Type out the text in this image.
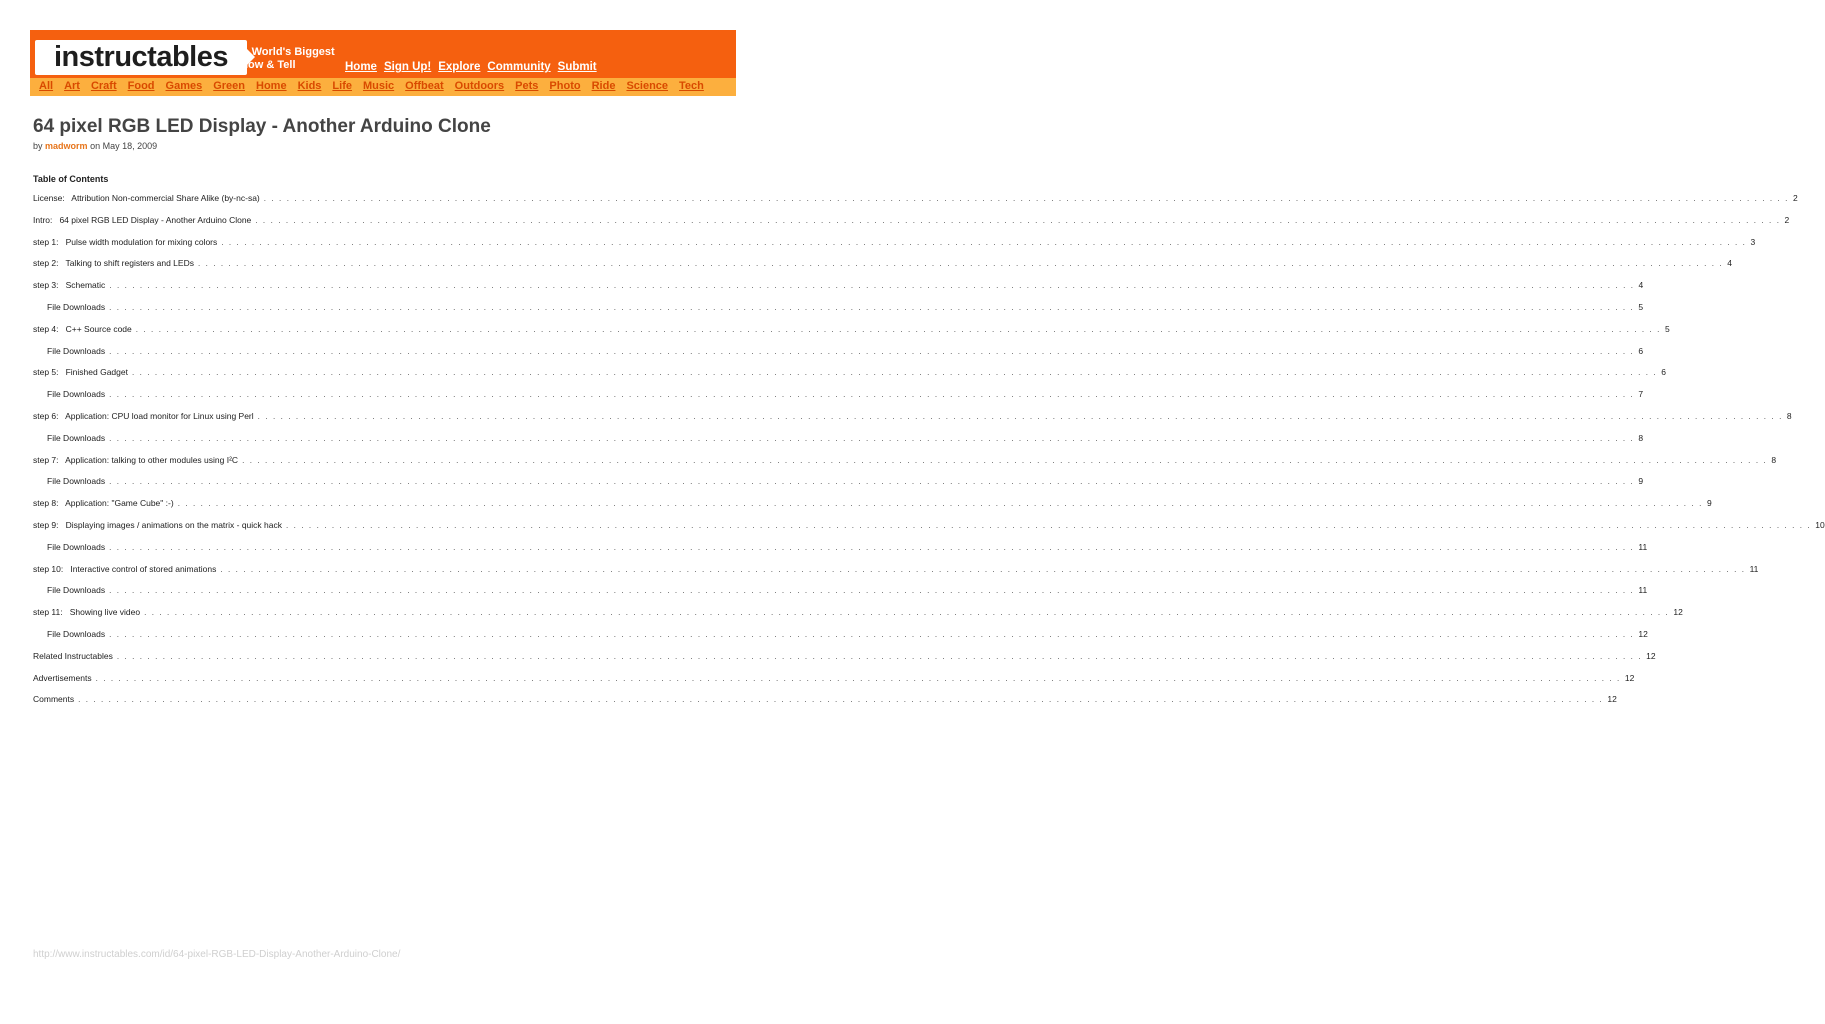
instructables The World's Biggest
Show & Tell	Home Sign Up! Explore Community Submit
All Art Craft Food Games Green Home Kids Life Music Offbeat Outdoors Pets Photo Ride Science Tech
64 pixel RGB LED Display - Another Arduino Clone
by madworm on May 18, 2009
Table of Contents
License:   Attribution Non-commercial Share Alike (by-nc-sa) . . . . . . . . . . . . . . . . . . . . . . . . . . . . . . . . . . . . . . . . . . . . . . . . . . . . . . . . . . . . . . . . . . . . . . . . . . . . . . . . . . . . . . . . . . . . . . . . . . . . . . . . . . . . . . . . . . . . . . . . . . . . . . . . . . . . . . . . . . . . . . . . . . . . . . . . . . . . . . . . . . . . . . . . . . . . . . . . . . . . . . . . . . . . . . . . . . . . . . . . 2
Intro:   64 pixel RGB LED Display - Another Arduino Clone . . . . . . . . . . . . . . . . . . . . . . . . . . . . . . . . . . . . . . . . . . . . . . . . . . . . . . . . . . . . . . . . . . . . . . . . . . . . . . . . . . . . . . . . . . . . . . . . . . . . . . . . . . . . . . . . . . . . . . . . . . . . . . . . . . . . . . . . . . . . . . . . . . . . . . . . . . . . . . . . . . . . . . . . . . . . . . . . . . . . . . . . . . . . . . . . . . . . . . . . 2
step 1:   Pulse width modulation for mixing colors . . . . . . . . . . . . . . . . . . . . . . . . . . . . . . . . . . . . . . . . . . . . . . . . . . . . . . . . . . . . . . . . . . . . . . . . . . . . . . . . . . . . . . . . . . . . . . . . . . . . . . . . . . . . . . . . . . . . . . . . . . . . . . . . . . . . . . . . . . . . . . . . . . . . . . . . . . . . . . . . . . . . . . . . . . . . . . . . . . . . . . . . . . . . . . . . . . . . . . . . 3
step 2:   Talking to shift registers and LEDs . . . . . . . . . . . . . . . . . . . . . . . . . . . . . . . . . . . . . . . . . . . . . . . . . . . . . . . . . . . . . . . . . . . . . . . . . . . . . . . . . . . . . . . . . . . . . . . . . . . . . . . . . . . . . . . . . . . . . . . . . . . . . . . . . . . . . . . . . . . . . . . . . . . . . . . . . . . . . . . . . . . . . . . . . . . . . . . . . . . . . . . . . . . . . . . . . . . . . . . . 4
step 3:   Schematic . . . . . . . . . . . . . . . . . . . . . . . . . . . . . . . . . . . . . . . . . . . . . . . . . . . . . . . . . . . . . . . . . . . . . . . . . . . . . . . . . . . . . . . . . . . . . . . . . . . . . . . . . . . . . . . . . . . . . . . . . . . . . . . . . . . . . . . . . . . . . . . . . . . . . . . . . . . . . . . . . . . . . . . . . . . . . . . . . . . . . . . . . . . . . . . . . . . . . . . . 4
File Downloads . . . . . . . . . . . . . . . . . . . . . . . . . . . . . . . . . . . . . . . . . . . . . . . . . . . . . . . . . . . . . . . . . . . . . . . . . . . . . . . . . . . . . . . . . . . . . . . . . . . . . . . . . . . . . . . . . . . . . . . . . . . . . . . . . . . . . . . . . . . . . . . . . . . . . . . . . . . . . . . . . . . . . . . . . . . . . . . . . . . . . . . . . . . . . . . . . . . . . . . . 5
step 4:   C++ Source code . . . . . . . . . . . . . . . . . . . . . . . . . . . . . . . . . . . . . . . . . . . . . . . . . . . . . . . . . . . . . . . . . . . . . . . . . . . . . . . . . . . . . . . . . . . . . . . . . . . . . . . . . . . . . . . . . . . . . . . . . . . . . . . . . . . . . . . . . . . . . . . . . . . . . . . . . . . . . . . . . . . . . . . . . . . . . . . . . . . . . . . . . . . . . . . . . . . . . . . . 5
File Downloads . . . . . . . . . . . . . . . . . . . . . . . . . . . . . . . . . . . . . . . . . . . . . . . . . . . . . . . . . . . . . . . . . . . . . . . . . . . . . . . . . . . . . . . . . . . . . . . . . . . . . . . . . . . . . . . . . . . . . . . . . . . . . . . . . . . . . . . . . . . . . . . . . . . . . . . . . . . . . . . . . . . . . . . . . . . . . . . . . . . . . . . . . . . . . . . . . . . . . . . . 6
step 5:   Finished Gadget . . . . . . . . . . . . . . . . . . . . . . . . . . . . . . . . . . . . . . . . . . . . . . . . . . . . . . . . . . . . . . . . . . . . . . . . . . . . . . . . . . . . . . . . . . . . . . . . . . . . . . . . . . . . . . . . . . . . . . . . . . . . . . . . . . . . . . . . . . . . . . . . . . . . . . . . . . . . . . . . . . . . . . . . . . . . . . . . . . . . . . . . . . . . . . . . . . . . . . . . 6
File Downloads . . . . . . . . . . . . . . . . . . . . . . . . . . . . . . . . . . . . . . . . . . . . . . . . . . . . . . . . . . . . . . . . . . . . . . . . . . . . . . . . . . . . . . . . . . . . . . . . . . . . . . . . . . . . . . . . . . . . . . . . . . . . . . . . . . . . . . . . . . . . . . . . . . . . . . . . . . . . . . . . . . . . . . . . . . . . . . . . . . . . . . . . . . . . . . . . . . . . . . . . 7
step 6:   Application: CPU load monitor for Linux using Perl . . . . . . . . . . . . . . . . . . . . . . . . . . . . . . . . . . . . . . . . . . . . . . . . . . . . . . . . . . . . . . . . . . . . . . . . . . . . . . . . . . . . . . . . . . . . . . . . . . . . . . . . . . . . . . . . . . . . . . . . . . . . . . . . . . . . . . . . . . . . . . . . . . . . . . . . . . . . . . . . . . . . . . . . . . . . . . . . . . . . . . . . . . . . . . . . . . . . . . . . 8
File Downloads . . . . . . . . . . . . . . . . . . . . . . . . . . . . . . . . . . . . . . . . . . . . . . . . . . . . . . . . . . . . . . . . . . . . . . . . . . . . . . . . . . . . . . . . . . . . . . . . . . . . . . . . . . . . . . . . . . . . . . . . . . . . . . . . . . . . . . . . . . . . . . . . . . . . . . . . . . . . . . . . . . . . . . . . . . . . . . . . . . . . . . . . . . . . . . . . . . . . . . . . 8
step 7:   Application: talking to other modules using I²C . . . . . . . . . . . . . . . . . . . . . . . . . . . . . . . . . . . . . . . . . . . . . . . . . . . . . . . . . . . . . . . . . . . . . . . . . . . . . . . . . . . . . . . . . . . . . . . . . . . . . . . . . . . . . . . . . . . . . . . . . . . . . . . . . . . . . . . . . . . . . . . . . . . . . . . . . . . . . . . . . . . . . . . . . . . . . . . . . . . . . . . . . . . . . . . . . . . . . . . . 8
File Downloads . . . . . . . . . . . . . . . . . . . . . . . . . . . . . . . . . . . . . . . . . . . . . . . . . . . . . . . . . . . . . . . . . . . . . . . . . . . . . . . . . . . . . . . . . . . . . . . . . . . . . . . . . . . . . . . . . . . . . . . . . . . . . . . . . . . . . . . . . . . . . . . . . . . . . . . . . . . . . . . . . . . . . . . . . . . . . . . . . . . . . . . . . . . . . . . . . . . . . . . . 9
step 8:   Application: "Game Cube" :-) . . . . . . . . . . . . . . . . . . . . . . . . . . . . . . . . . . . . . . . . . . . . . . . . . . . . . . . . . . . . . . . . . . . . . . . . . . . . . . . . . . . . . . . . . . . . . . . . . . . . . . . . . . . . . . . . . . . . . . . . . . . . . . . . . . . . . . . . . . . . . . . . . . . . . . . . . . . . . . . . . . . . . . . . . . . . . . . . . . . . . . . . . . . . . . . . . . . . . . . . 9
step 9:   Displaying images / animations on the matrix - quick hack . . . . . . . . . . . . . . . . . . . . . . . . . . . . . . . . . . . . . . . . . . . . . . . . . . . . . . . . . . . . . . . . . . . . . . . . . . . . . . . . . . . . . . . . . . . . . . . . . . . . . . . . . . . . . . . . . . . . . . . . . . . . . . . . . . . . . . . . . . . . . . . . . . . . . . . . . . . . . . . . . . . . . . . . . . . . . . . . . . . . . . . . . . . . . . . . . . . . . . . . 10
File Downloads . . . . . . . . . . . . . . . . . . . . . . . . . . . . . . . . . . . . . . . . . . . . . . . . . . . . . . . . . . . . . . . . . . . . . . . . . . . . . . . . . . . . . . . . . . . . . . . . . . . . . . . . . . . . . . . . . . . . . . . . . . . . . . . . . . . . . . . . . . . . . . . . . . . . . . . . . . . . . . . . . . . . . . . . . . . . . . . . . . . . . . . . . . . . . . . . . . . . . . . . 11
step 10:   Interactive control of stored animations . . . . . . . . . . . . . . . . . . . . . . . . . . . . . . . . . . . . . . . . . . . . . . . . . . . . . . . . . . . . . . . . . . . . . . . . . . . . . . . . . . . . . . . . . . . . . . . . . . . . . . . . . . . . . . . . . . . . . . . . . . . . . . . . . . . . . . . . . . . . . . . . . . . . . . . . . . . . . . . . . . . . . . . . . . . . . . . . . . . . . . . . . . . . . . . . . . . . . . . . 11
File Downloads . . . . . . . . . . . . . . . . . . . . . . . . . . . . . . . . . . . . . . . . . . . . . . . . . . . . . . . . . . . . . . . . . . . . . . . . . . . . . . . . . . . . . . . . . . . . . . . . . . . . . . . . . . . . . . . . . . . . . . . . . . . . . . . . . . . . . . . . . . . . . . . . . . . . . . . . . . . . . . . . . . . . . . . . . . . . . . . . . . . . . . . . . . . . . . . . . . . . . . . . 11
step 11:   Showing live video . . . . . . . . . . . . . . . . . . . . . . . . . . . . . . . . . . . . . . . . . . . . . . . . . . . . . . . . . . . . . . . . . . . . . . . . . . . . . . . . . . . . . . . . . . . . . . . . . . . . . . . . . . . . . . . . . . . . . . . . . . . . . . . . . . . . . . . . . . . . . . . . . . . . . . . . . . . . . . . . . . . . . . . . . . . . . . . . . . . . . . . . . . . . . . . . . . . . . . . . 12
File Downloads . . . . . . . . . . . . . . . . . . . . . . . . . . . . . . . . . . . . . . . . . . . . . . . . . . . . . . . . . . . . . . . . . . . . . . . . . . . . . . . . . . . . . . . . . . . . . . . . . . . . . . . . . . . . . . . . . . . . . . . . . . . . . . . . . . . . . . . . . . . . . . . . . . . . . . . . . . . . . . . . . . . . . . . . . . . . . . . . . . . . . . . . . . . . . . . . . . . . . . . . 12
Related Instructables . . . . . . . . . . . . . . . . . . . . . . . . . . . . . . . . . . . . . . . . . . . . . . . . . . . . . . . . . . . . . . . . . . . . . . . . . . . . . . . . . . . . . . . . . . . . . . . . . . . . . . . . . . . . . . . . . . . . . . . . . . . . . . . . . . . . . . . . . . . . . . . . . . . . . . . . . . . . . . . . . . . . . . . . . . . . . . . . . . . . . . . . . . . . . . . . . . . . . . . . 12
Advertisements . . . . . . . . . . . . . . . . . . . . . . . . . . . . . . . . . . . . . . . . . . . . . . . . . . . . . . . . . . . . . . . . . . . . . . . . . . . . . . . . . . . . . . . . . . . . . . . . . . . . . . . . . . . . . . . . . . . . . . . . . . . . . . . . . . . . . . . . . . . . . . . . . . . . . . . . . . . . . . . . . . . . . . . . . . . . . . . . . . . . . . . . . . . . . . . . . . . . . . . . 12
Comments . . . . . . . . . . . . . . . . . . . . . . . . . . . . . . . . . . . . . . . . . . . . . . . . . . . . . . . . . . . . . . . . . . . . . . . . . . . . . . . . . . . . . . . . . . . . . . . . . . . . . . . . . . . . . . . . . . . . . . . . . . . . . . . . . . . . . . . . . . . . . . . . . . . . . . . . . . . . . . . . . . . . . . . . . . . . . . . . . . . . . . . . . . . . . . . . . . . . . . . . 12
http://www.instructables.com/id/64-pixel-RGB-LED-Display-Another-Arduino-Clone/
